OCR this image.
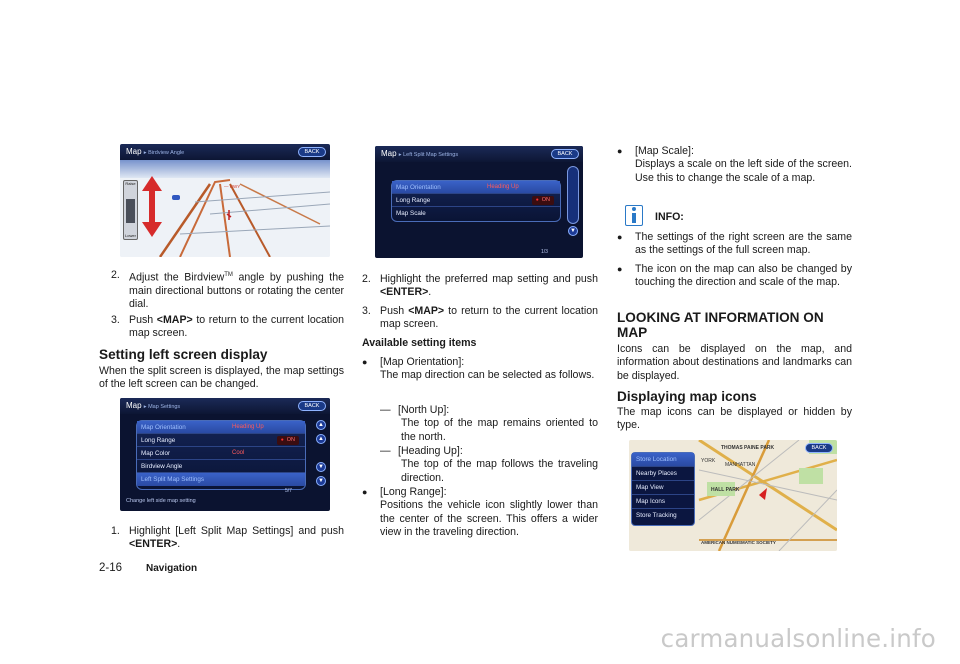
— HWY
Map ▸ Birdview Angle	BACK
Raise
Lower
2. Adjust the Birdview™ angle by pushing the main directional buttons or rotating the center dial.
3. Push <MAP> to return to the current location map screen.
Setting left screen display
When the split screen is displayed, the map settings of the left screen can be changed.
Map ▸ Map Settings	BACK
Map Orientation	Heading Up
Long Range	● ON
Map Color	Cool
Birdview Angle
Left Split Map Settings
▲
▲
▼
▼
5/7
Change left side map setting
1. Highlight [Left Split Map Settings] and push <ENTER>.
Map ▸ Left Split Map Settings	BACK
Map Orientation	Heading Up
Long Range	● ON
Map Scale
▼
1/3
2. Highlight the preferred map setting and push <ENTER>.
3. Push <MAP> to return to the current location map screen.
Available setting items
● [Map Orientation]:
The map direction can be selected as follows.
— [North Up]:
The top of the map remains oriented to the north.
— [Heading Up]:
The top of the map follows the traveling direction.
● [Long Range]:
Positions the vehicle icon slightly lower than the center of the screen. This offers a wider view in the traveling direction.
● [Map Scale]:
Displays a scale on the left side of the screen. Use this to change the scale of a map.
INFO:
● The settings of the right screen are the same as the settings of the full screen map.
● The icon on the map can also be changed by touching the direction and scale of the map.
LOOKING AT INFORMATION ON MAP
Icons can be displayed on the map, and information about destinations and landmarks can be displayed.
Displaying map icons
The map icons can be displayed or hidden by type.
THOMAS PAINE PARK
YORK
MANHATTAN
HALL PARK
AMERICAN NUMISMATIC SOCIETY
Store Location
Nearby Places
Map View
Map Icons
Store Tracking
BACK
2-16 Navigation
carmanualsonline.info
